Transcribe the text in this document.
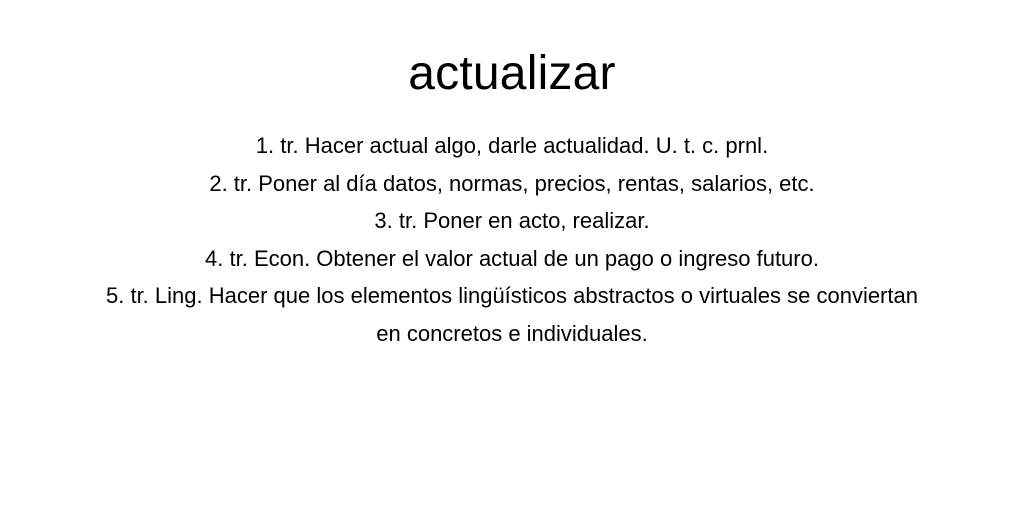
actualizar
1. tr. Hacer actual algo, darle actualidad. U. t. c. prnl.
2. tr. Poner al día datos, normas, precios, rentas, salarios, etc.
3. tr. Poner en acto, realizar.
4. tr. Econ. Obtener el valor actual de un pago o ingreso futuro.
5. tr. Ling. Hacer que los elementos lingüísticos abstractos o virtuales se conviertan en concretos e individuales.
